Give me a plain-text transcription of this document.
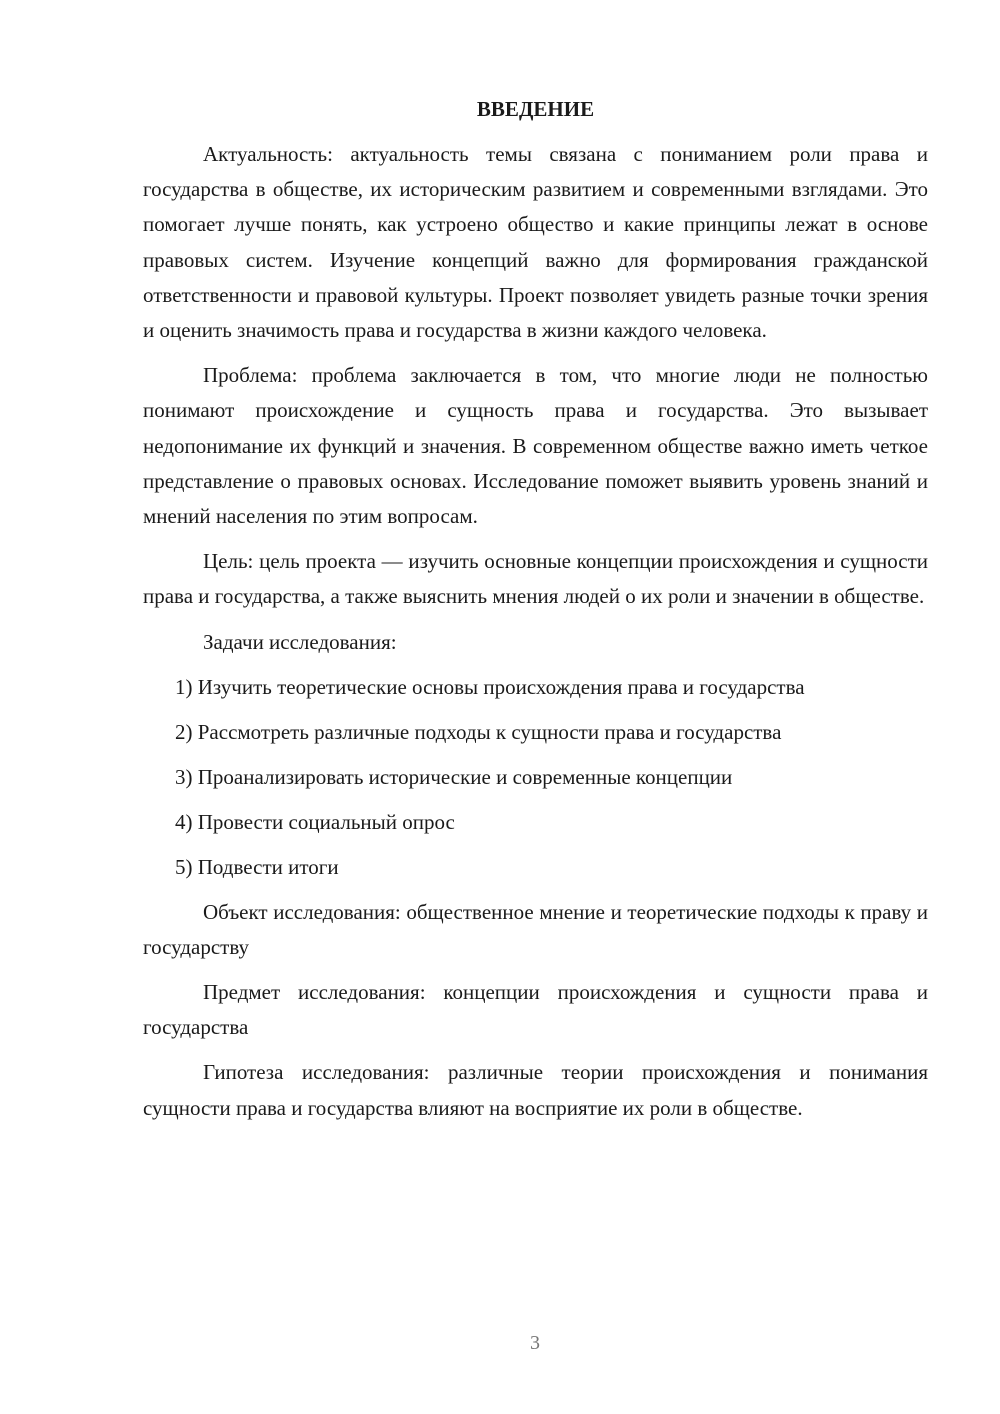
ВВЕДЕНИЕ

Актуальность: актуальность темы связана с пониманием роли права и государства в обществе, их историческим развитием и современными взглядами. Это помогает лучше понять, как устроено общество и какие принципы лежат в основе правовых систем. Изучение концепций важно для формирования гражданской ответственности и правовой культуры. Проект позволяет увидеть разные точки зрения и оценить значимость права и государства в жизни каждого человека.

Проблема: проблема заключается в том, что многие люди не полностью понимают происхождение и сущность права и государства. Это вызывает недопонимание их функций и значения. В современном обществе важно иметь четкое представление о правовых основах. Исследование поможет выявить уровень знаний и мнений населения по этим вопросам.

Цель: цель проекта — изучить основные концепции происхождения и сущности права и государства, а также выяснить мнения людей о их роли и значении в обществе.

Задачи исследования:

1) Изучить теоретические основы происхождения права и государства
2) Рассмотреть различные подходы к сущности права и государства
3) Проанализировать исторические и современные концепции
4) Провести социальный опрос
5) Подвести итоги

Объект исследования: общественное мнение и теоретические подходы к праву и государству

Предмет исследования: концепции происхождения и сущности права и государства

Гипотеза исследования: различные теории происхождения и понимания сущности права и государства влияют на восприятие их роли в обществе.

3
